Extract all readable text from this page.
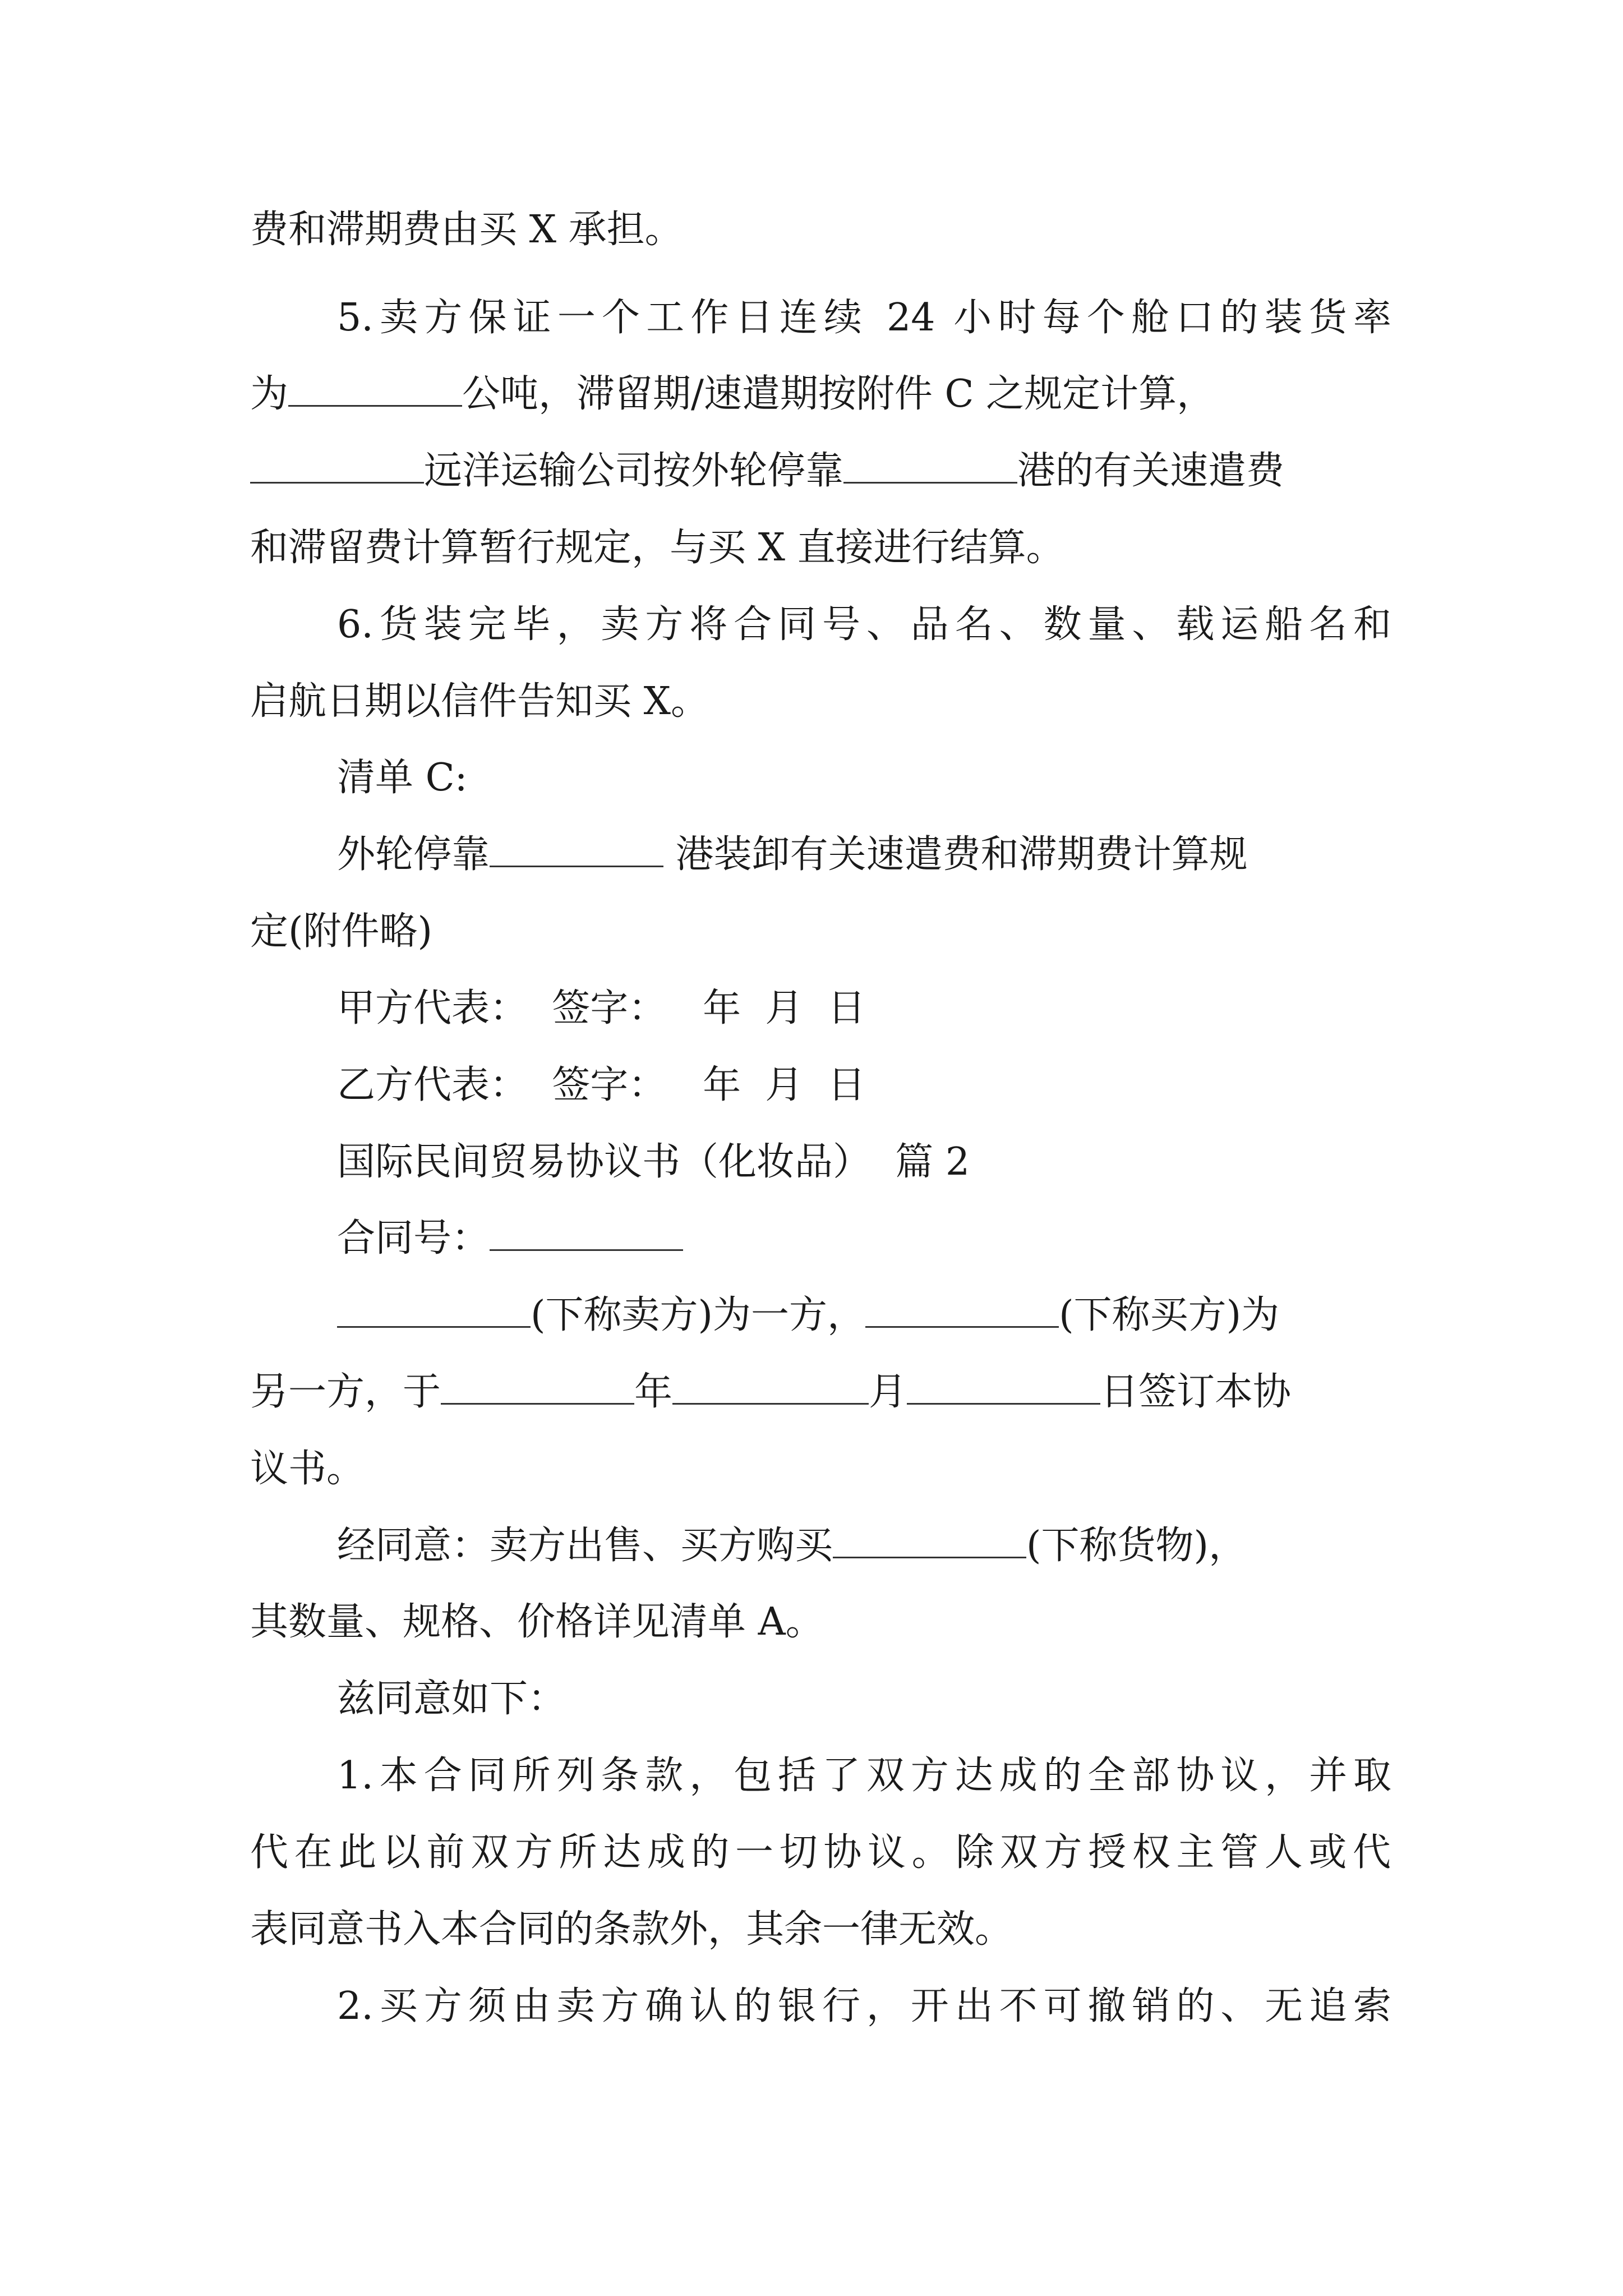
费和滞期费由买 X 承担。
5.卖方保证一个工作日连续 24 小时每个舱口的装货率
为	公吨，滞留期/速遣期按附件 C 之规定计算，
远洋运输公司按外轮停靠	港的有关速遣费
和滞留费计算暂行规定，与买 X 直接进行结算。
6.货装完毕，卖方将合同号、品名、数量、载运船名和
启航日期以信件告知买 X。
清单 C:
外轮停靠	港装卸有关速遣费和滞期费计算规
定(附件略)
甲方代表：  签字：   年  月  日
乙方代表：  签字：   年  月  日
国际民间贸易协议书（化妆品）  篇 2
合同号：
(下称卖方)为一方，	(下称买方)为
另一方，于	年	月	日签订本协
议书。
经同意：卖方出售、买方购买	(下称货物)，
其数量、规格、价格详见清单 A。
兹同意如下：
1.本合同所列条款，包括了双方达成的全部协议，并取
代在此以前双方所达成的一切协议。除双方授权主管人或代
表同意书入本合同的条款外，其余一律无效。
2.买方须由卖方确认的银行，开出不可撤销的、无追索
